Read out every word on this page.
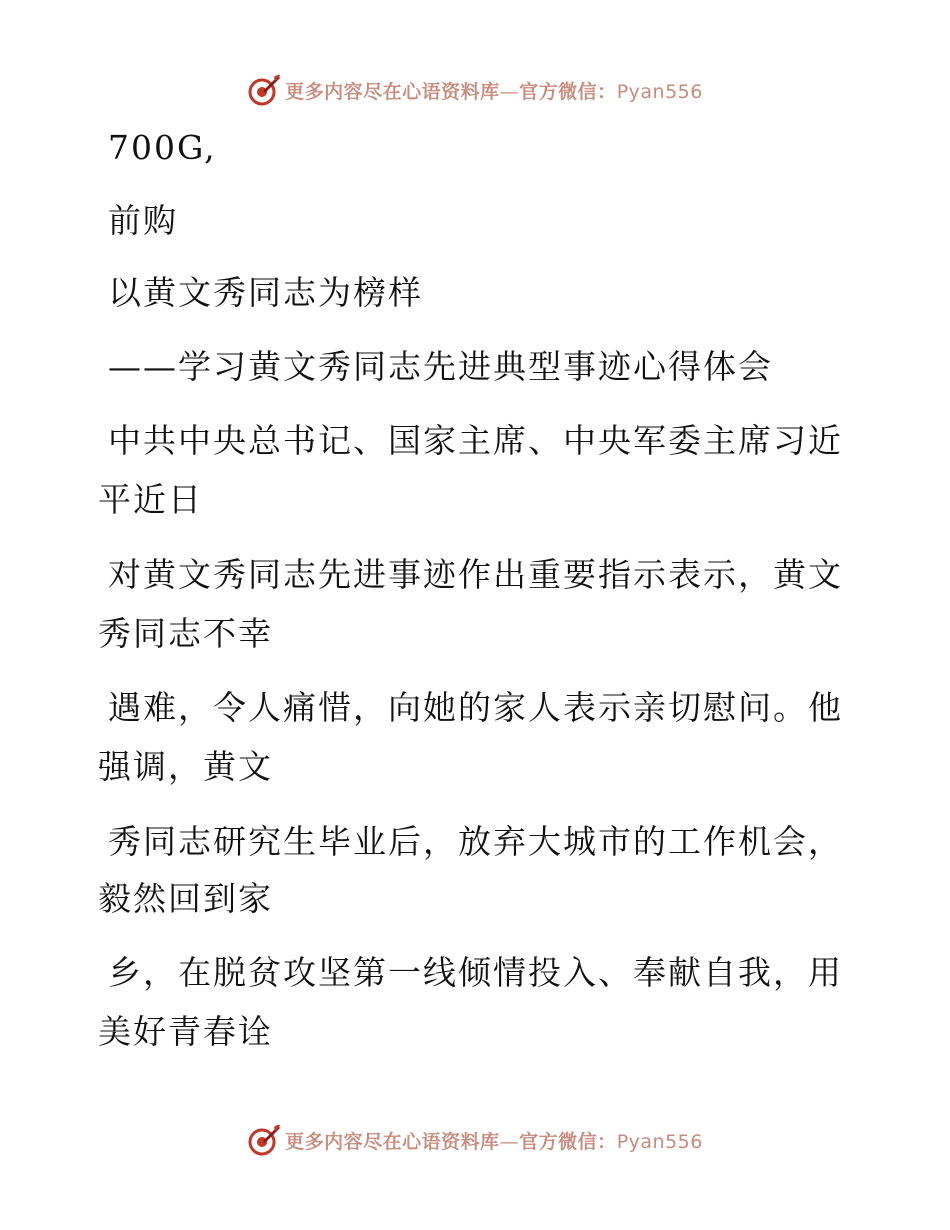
更多内容尽在心语资料库—官方微信：Pyan556
700G,
前购
以黄文秀同志为榜样
——学习黄文秀同志先进典型事迹心得体会
中共中央总书记、国家主席、中央军委主席习近
平近日
对黄文秀同志先进事迹作出重要指示表示，黄文
秀同志不幸
遇难，令人痛惜，向她的家人表示亲切慰问。他
强调，黄文
秀同志研究生毕业后，放弃大城市的工作机会，
毅然回到家
乡，在脱贫攻坚第一线倾情投入、奉献自我，用
美好青春诠
更多内容尽在心语资料库—官方微信：Pyan556
